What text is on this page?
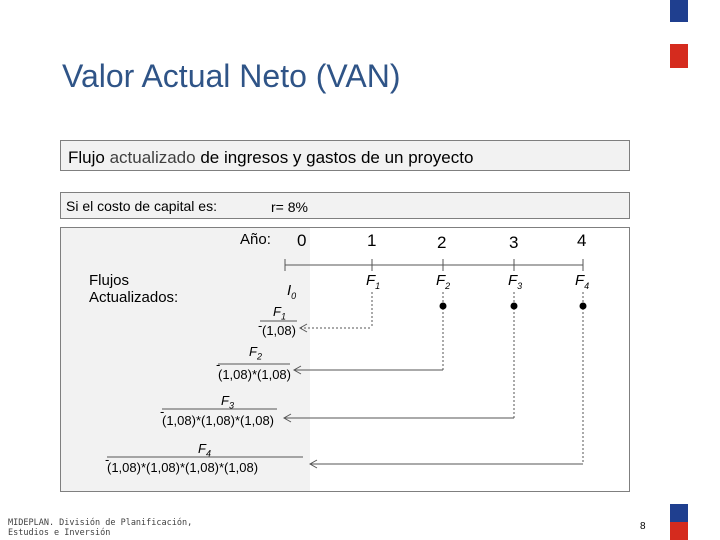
Valor Actual Neto (VAN)
Flujo actualizado de ingresos y gastos de un proyecto
Si el costo de capital es:	r= 8%
Año: 0	1	2	3	4
Flujos
Actualizados:	$I_0$
$F_1$	$F_2$	$F_3$	$F_4$
-
$F_1$
(1,08)
-
$F_2$
(1,08)*(1,08)
-
$F_3$
(1,08)*(1,08)*(1,08)
-
$F_4$
(1,08)*(1,08)*(1,08)*(1,08)
MIDEPLAN. División de Planificación, Estudios e Inversión
8
